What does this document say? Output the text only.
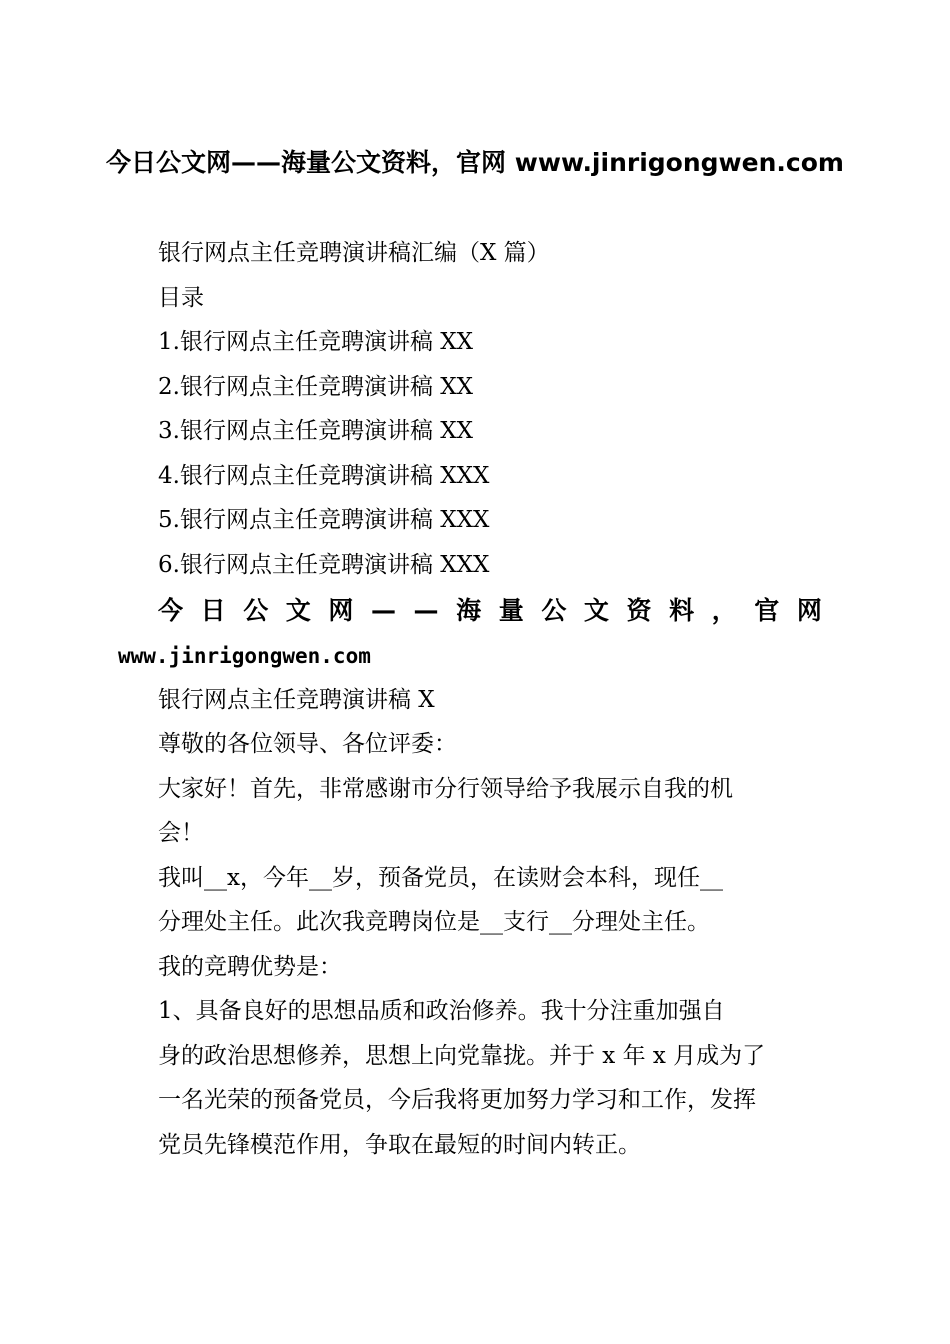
今日公文网——海量公文资料，官网 www.jinrigongwen.com
银行网点主任竞聘演讲稿汇编（X 篇）
目录
1.银行网点主任竞聘演讲稿 XX
2.银行网点主任竞聘演讲稿 XX
3.银行网点主任竞聘演讲稿 XX
4.银行网点主任竞聘演讲稿 XXX
5.银行网点主任竞聘演讲稿 XXX
6.银行网点主任竞聘演讲稿 XXX
今 日 公 文 网 — — 海 量 公 文 资 料 ， 官 网
www.jinrigongwen.com
银行网点主任竞聘演讲稿 X
尊敬的各位领导、各位评委：
大家好！首先，非常感谢市分行领导给予我展示自我的机
会！
我叫__x，今年__岁，预备党员，在读财会本科，现任__
分理处主任。此次我竞聘岗位是__支行__分理处主任。
我的竞聘优势是：
1、具备良好的思想品质和政治修养。我十分注重加强自
身的政治思想修养，思想上向党靠拢。并于 x 年 x 月成为了
一名光荣的预备党员，今后我将更加努力学习和工作，发挥
党员先锋模范作用，争取在最短的时间内转正。
